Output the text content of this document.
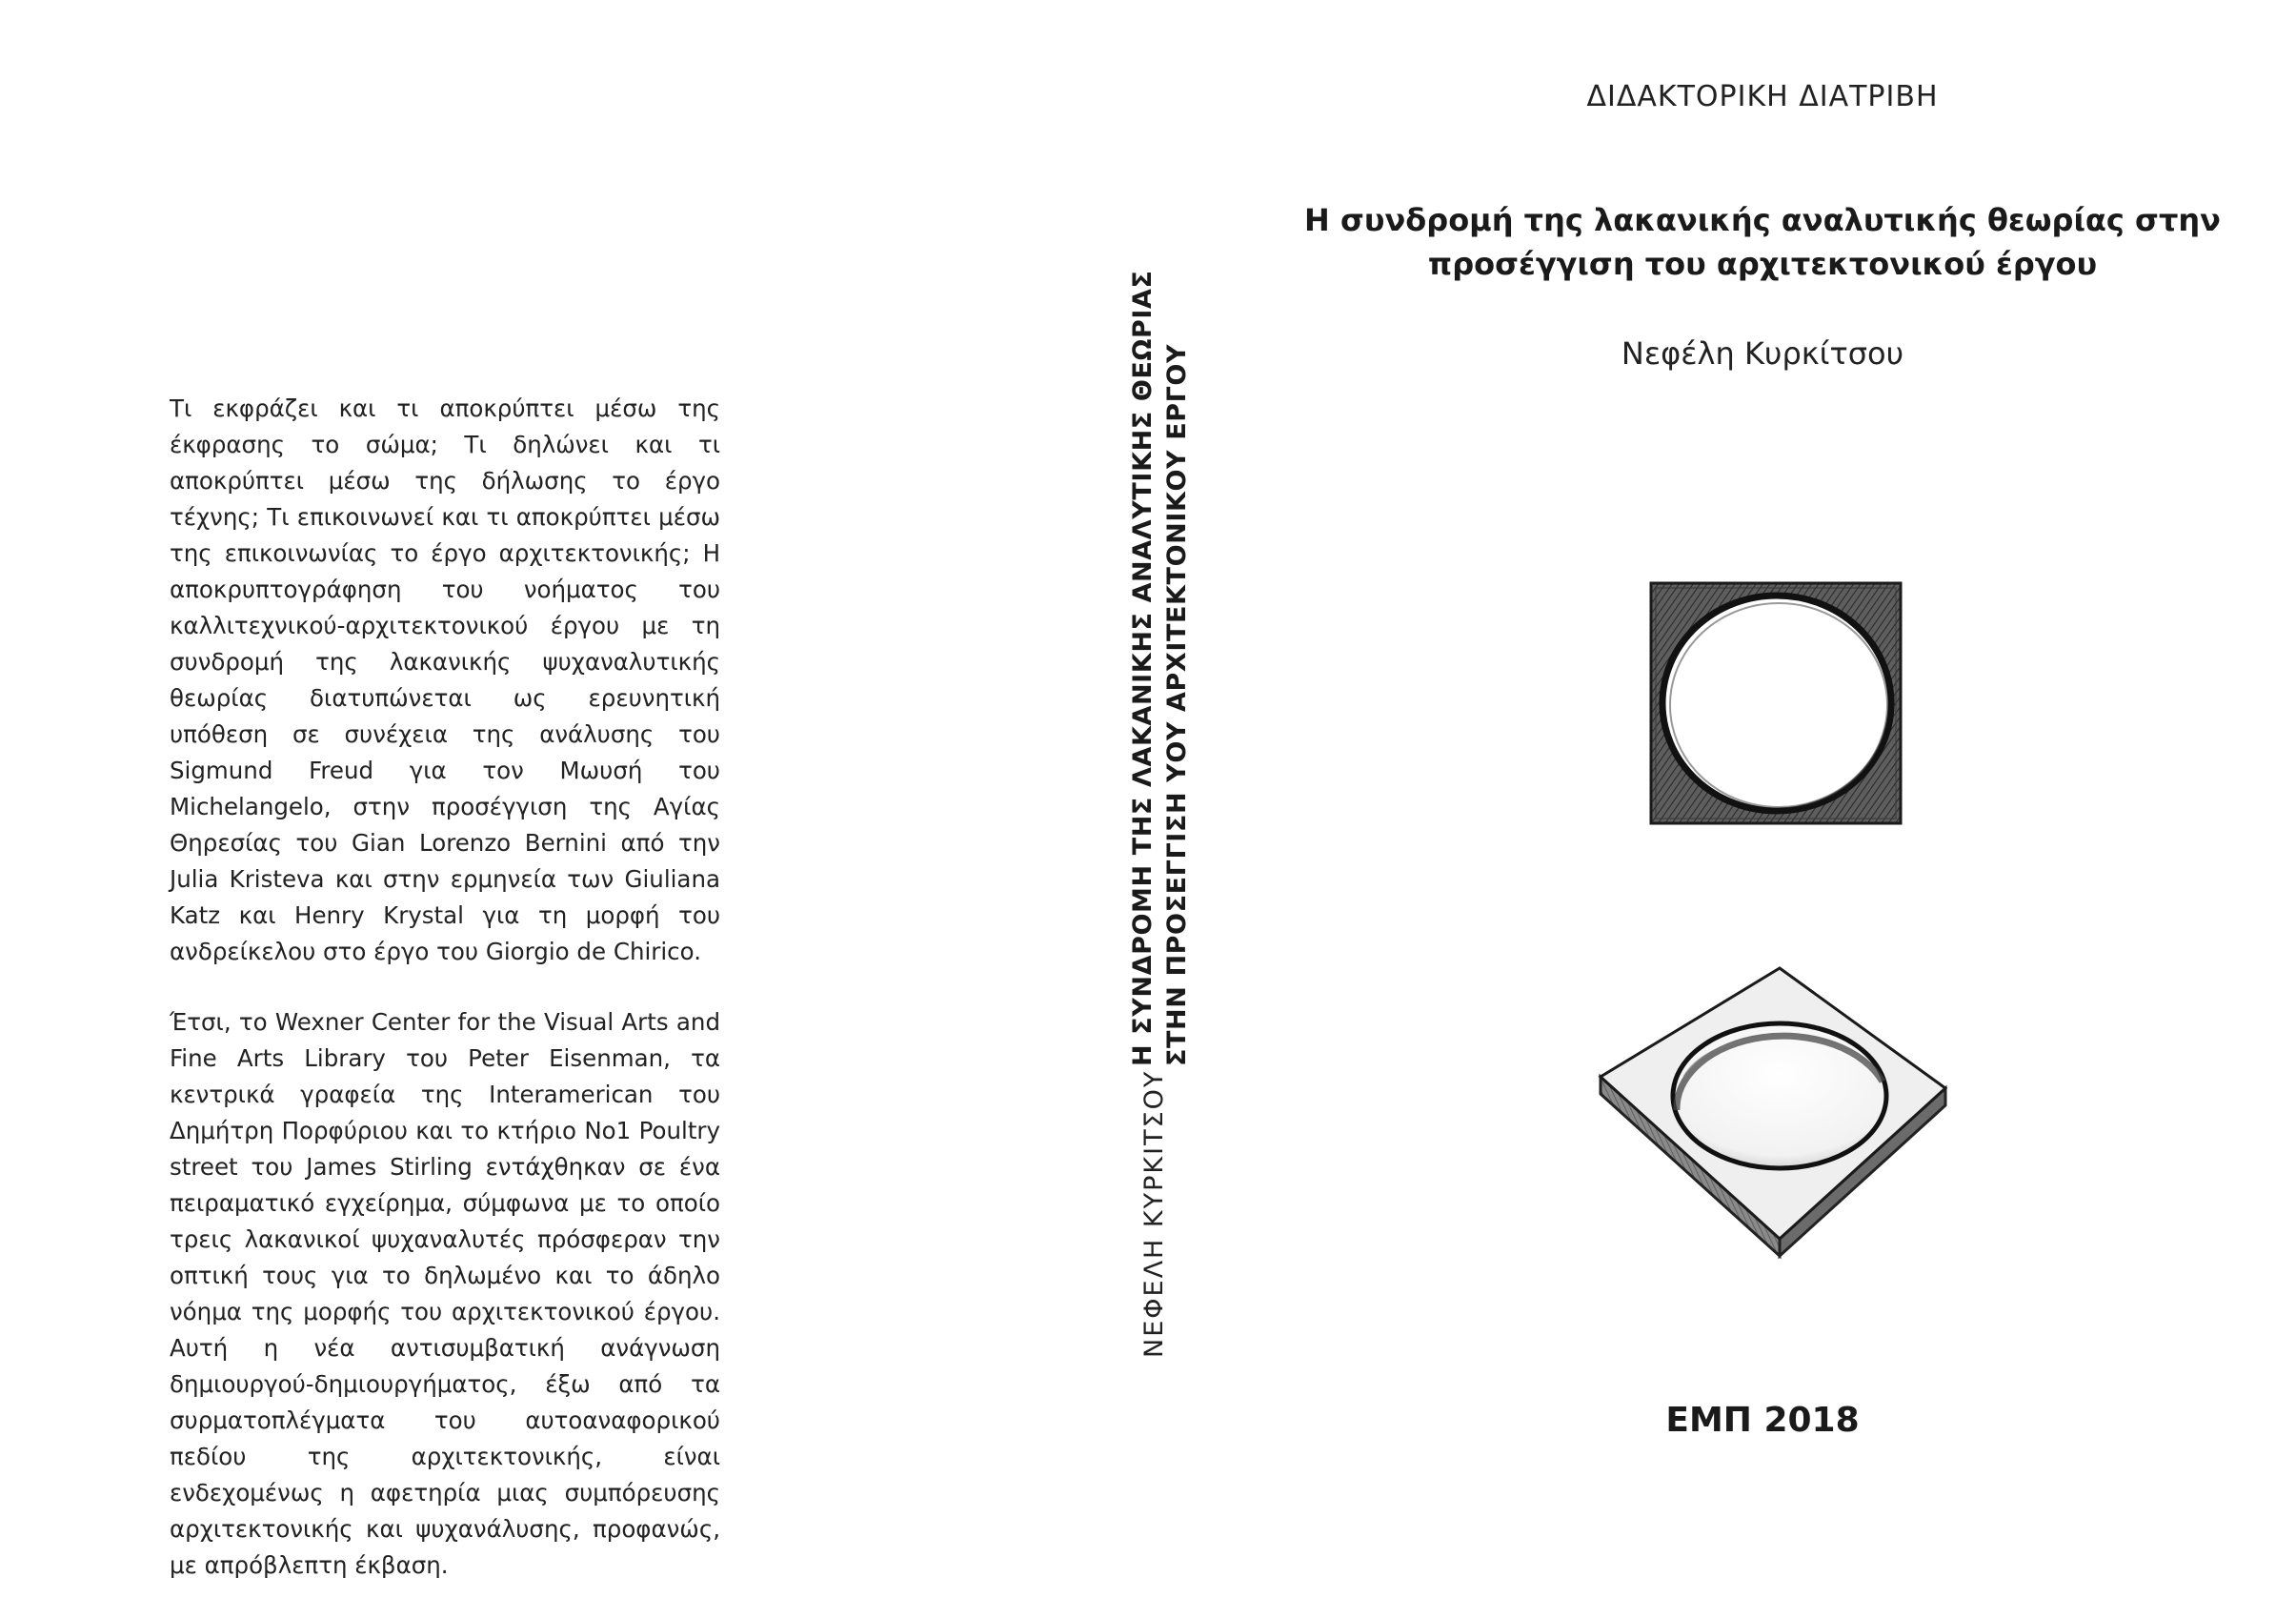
Τι εκφράζει και τι αποκρύπτει μέσω της έκφρασης το σώμα; Τι δηλώνει και τι αποκρύπτει μέσω της δήλωσης το έργο τέχνης; Τι επικοινωνεί και τι αποκρύπτει μέσω της επικοινωνίας το έργο αρχιτεκτονικής; Η αποκρυπτογράφηση του νοήματος του καλλιτεχνικού-αρχιτεκτονικού έργου με τη συνδρομή της λακανικής ψυχαναλυτικής θεωρίας διατυπώνεται ως ερευνητική υπόθεση σε συνέχεια της ανάλυσης του Sigmund Freud για τον Μωυσή του Michelangelo, στην προσέγγιση της Αγίας Θηρεσίας του Gian Lorenzo Bernini από την Julia Kristeva και στην ερμηνεία των Giuliana Katz και Henry Krystal για τη μορφή του ανδρείκελου στο έργο του Giorgio de Chirico.

Έτσι, το Wexner Center for the Visual Arts and Fine Arts Library του Peter Eisenman, τα κεντρικά γραφεία της Interamerican του Δημήτρη Πορφύριου και το κτήριο No1 Poultry street του James Stirling εντάχθηκαν σε ένα πειραματικό εγχείρημα, σύμφωνα με το οποίο τρεις λακανικοί ψυχαναλυτές πρόσφεραν την οπτική τους για το δηλωμένο και το άδηλο νόημα της μορφής του αρχιτεκτονικού έργου. Αυτή η νέα αντισυμβατική ανάγνωση δημιουργού-δημιουργήματος, έξω από τα συρματοπλέγματα του αυτοαναφορικού πεδίου της αρχιτεκτονικής, είναι ενδεχομένως η αφετηρία μιας συμπόρευσης αρχιτεκτονικής και ψυχανάλυσης, προφανώς, με απρόβλεπτη έκβαση.

ΝΕΦΕΛΗ ΚΥΡΚΙΤΣΟΥ
Η ΣΥΝΔΡΟΜΗ ΤΗΣ ΛΑΚΑΝΙΚΗΣ ΑΝΑΛΥΤΙΚΗΣ ΘΕΩΡΙΑΣ ΣΤΗΝ ΠΡΟΣΕΓΓΙΣΗ ΥΟΥ ΑΡΧΙΤΕΚΤΟΝΙΚΟΥ ΕΡΓΟΥ
ΔΙΔΑΚΤΟΡΙΚΗ ΔΙΑΤΡΙΒΗ
Η συνδρομή της λακανικής αναλυτικής θεωρίας στην
προσέγγιση του αρχιτεκτονικού έργου
Νεφέλη Κυρκίτσου
ΕΜΠ 2018
